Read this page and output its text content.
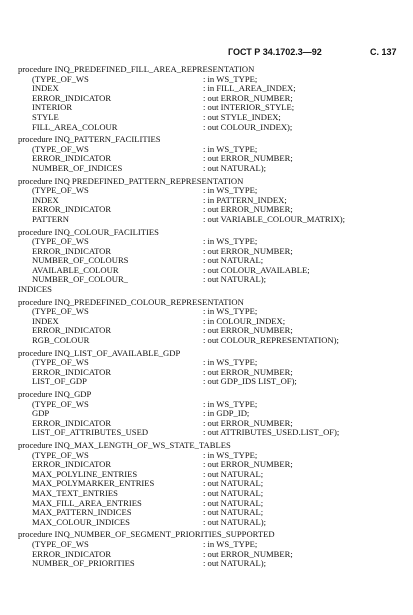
ГОСТ Р 34.1702.3—92	С. 137
procedure INQ_PREDEFINED_FILL_AREA_REPRESENTATION
(TYPE_OF_WS	: in WS_TYPE;
INDEX	: in FILL_AREA_INDEX;
ERROR_INDICATOR	: out ERROR_NUMBER;
INTERIOR	: out INTERIOR_STYLE;
STYLE	: out STYLE_INDEX;
FILL_AREA_COLOUR	: out COLOUR_INDEX);
procedure INQ_PATTERN_FACILITIES
(TYPE_OF_WS	: in WS_TYPE;
ERROR_INDICATOR	: out ERROR_NUMBER;
NUMBER_OF_INDICES	: out NATURAL);
procedure INQ PREDEFINED_PATTERN_REPRESENTATION
(TYPE_OF_WS	: in WS_TYPE;
INDEX	: in PATTERN_INDEX;
ERROR_INDICATOR	: out ERROR_NUMBER;
PATTERN	: out VARIABLE_COLOUR_MATRIX);
procedure INQ_COLOUR_FACILITIES
(TYPE_OF_WS	: in WS_TYPE;
ERROR_INDICATOR	: out ERROR_NUMBER;
NUMBER_OF_COLOURS	: out NATURAL;
AVAILABLE_COLOUR	: out COLOUR_AVAILABLE;
NUMBER_OF_COLOUR_	: out NATURAL);
INDICES
procedure INQ_PREDEFINED_COLOUR_REPRESENTATION
(TYPE_OF_WS	: in WS_TYPE;
INDEX	: in COLOUR_INDEX;
ERROR_INDICATOR	: out ERROR_NUMBER;
RGB_COLOUR	: out COLOUR_REPRESENTATION);
procedure INQ_LIST_OF_AVAILABLE_GDP
(TYPE_OF_WS	: in WS_TYPE;
ERROR_INDICATOR	: out ERROR_NUMBER;
LIST_OF_GDP	: out GDP_IDS LIST_OF);
procedure INQ_GDP
(TYPE_OF_WS	: in WS_TYPE;
GDP	: in GDP_ID;
ERROR_INDICATOR	: out ERROR_NUMBER;
LIST_OF_ATTRIBUTES_USED	: out ATTRIBUTES_USED.LIST_OF);
procedure INQ_MAX_LENGTH_OF_WS_STATE_TABLES
(TYPE_OF_WS	: in WS_TYPE;
ERROR_INDICATOR	: out ERROR_NUMBER;
MAX_POLYLINE_ENTRIES	: out NATURAL;
MAX_POLYMARKER_ENTRIES	: out NATURAL;
MAX_TEXT_ENTRIES	: out NATURAL;
MAX_FILL_AREA_ENTRIES	: out NATURAL;
MAX_PATTERN_INDICES	: out NATURAL;
MAX_COLOUR_INDICES	: out NATURAL);
procedure INQ_NUMBER_OF_SEGMENT_PRIORITIES_SUPPORTED
(TYPE_OF_WS	: in WS_TYPE;
ERROR_INDICATOR	: out ERROR_NUMBER;
NUMBER_OF_PRIORITIES	: out NATURAL);
